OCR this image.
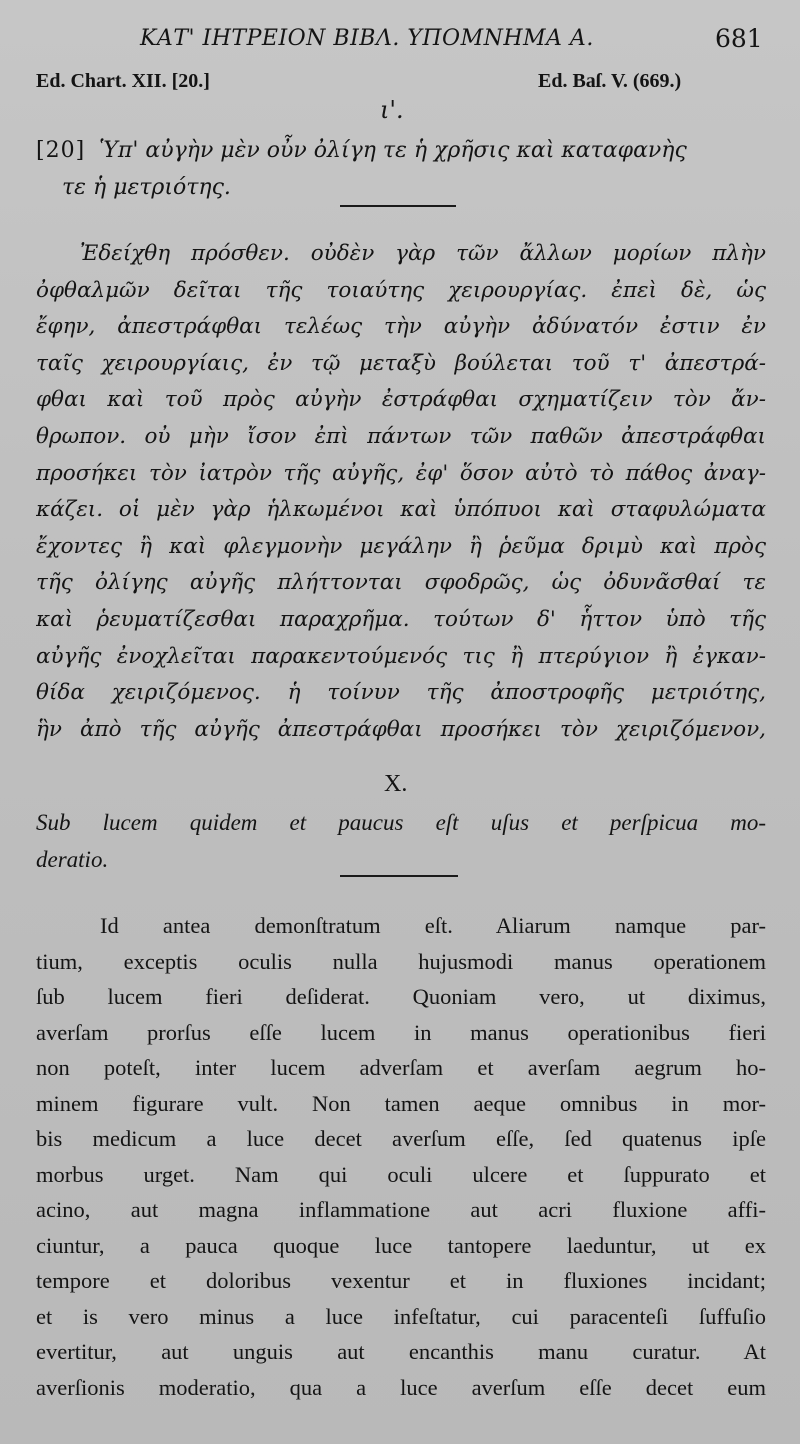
ΚΑΤ' ΙΗΤΡΕΙΟΝ ΒΙΒΛ. ΥΠΟΜΝΗΜΑ Α.	681
Ed. Chart. XII. [20.]	Ed. Baſ. V. (669.)
ι'.
[20] Ὑπ' αὐγὴν μὲν οὖν ὀλίγη τε ἡ χρῆσις καὶ καταφανὴς
τε ἡ μετριότης.
Ἐδείχθη πρόσθεν. οὐδὲν γὰρ τῶν ἄλλων μορίων πλὴν
ὀφθαλμῶν δεῖται τῆς τοιαύτης χειρουργίας. ἐπεὶ δὲ, ὡς
ἔφην, ἀπεστράφθαι τελέως τὴν αὐγὴν ἀδύνατόν ἐστιν ἐν
ταῖς χειρουργίαις, ἐν τῷ μεταξὺ βούλεται τοῦ τ' ἀπεστρά-
φθαι καὶ τοῦ πρὸς αὐγὴν ἐστράφθαι σχηματίζειν τὸν ἄν-
θρωπον. οὐ μὴν ἴσον ἐπὶ πάντων τῶν παθῶν ἀπεστράφθαι
προσήκει τὸν ἰατρὸν τῆς αὐγῆς, ἐφ' ὅσον αὐτὸ τὸ πάθος ἀναγ-
κάζει. οἱ μὲν γὰρ ἡλκωμένοι καὶ ὑπόπυοι καὶ σταφυλώματα
ἔχοντες ἢ καὶ φλεγμονὴν μεγάλην ἢ ῥεῦμα δριμὺ καὶ πρὸς
τῆς ὀλίγης αὐγῆς πλήττονται σφοδρῶς, ὡς ὀδυνᾶσθαί τε
καὶ ῥευματίζεσθαι παραχρῆμα. τούτων δ' ἧττον ὑπὸ τῆς
αὐγῆς ἐνοχλεῖται παρακεντούμενός τις ἢ πτερύγιον ἢ ἐγκαν-
θίδα χειριζόμενος. ἡ τοίνυν τῆς ἀποστροφῆς μετριότης,
ἣν ἀπὸ τῆς αὐγῆς ἀπεστράφθαι προσήκει τὸν χειριζόμενον,
X.
Sub lucem quidem et paucus eſt uſus et perſpicua mo-
deratio.
Id antea demonſtratum eſt. Aliarum namque par-
tium, exceptis oculis nulla hujusmodi manus operationem
ſub lucem fieri deſiderat. Quoniam vero, ut diximus,
averſam prorſus eſſe lucem in manus operationibus fieri
non poteſt, inter lucem adverſam et averſam aegrum ho-
minem figurare vult. Non tamen aeque omnibus in mor-
bis medicum a luce decet averſum eſſe, ſed quatenus ipſe
morbus urget. Nam qui oculi ulcere et ſuppurato et
acino, aut magna inflammatione aut acri fluxione affi-
ciuntur, a pauca quoque luce tantopere laeduntur, ut ex
tempore et doloribus vexentur et in fluxiones incidant;
et is vero minus a luce infeſtatur, cui paracenteſi ſuffuſio
evertitur, aut unguis aut encanthis manu curatur. At
averſionis moderatio, qua a luce averſum eſſe decet eum
